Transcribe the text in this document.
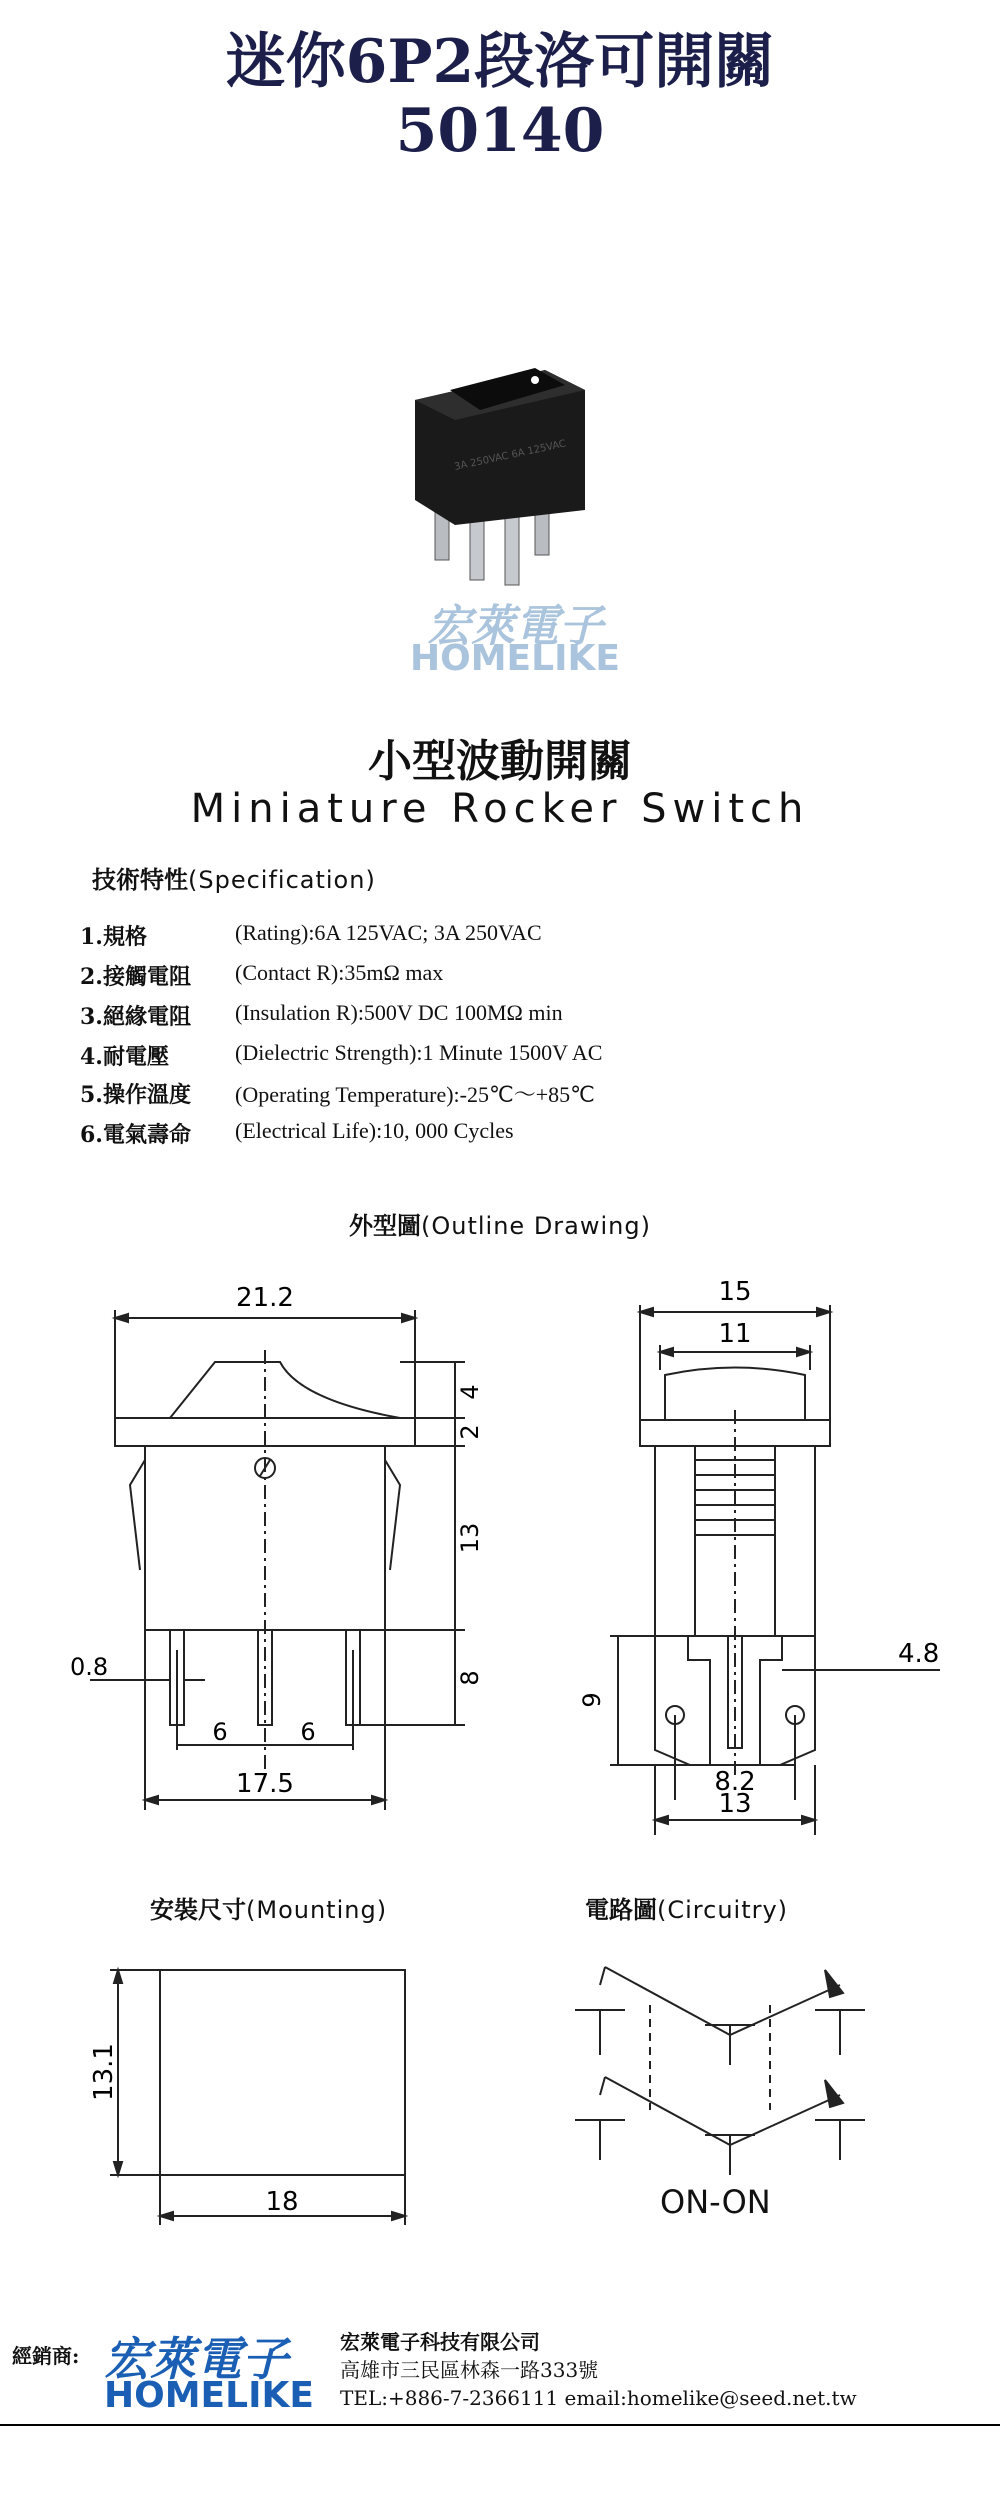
迷你6P2段洛可開關
50140
3A 250VAC 6A 125VAC
宏萊電子
HOMELIKE
小型波動開關
Miniature Rocker Switch
技術特性(Specification)
1.規格	(Rating):6A 125VAC; 3A 250VAC
2.接觸電阻	(Contact R):35mΩ max
3.絕緣電阻	(Insulation R):500V DC 100MΩ min
4.耐電壓	(Dielectric Strength):1 Minute 1500V AC
5.操作溫度	(Operating Temperature):-25℃～+85℃
6.電氣壽命	(Electrical Life):10, 000 Cycles
外型圖(Outline Drawing)
21.2
4
2
13
8
0.8
6	6
17.5
15
11
9
4.8
8.2
13
安裝尺寸(Mounting)
13.1
18
電路圖(Circuitry)
ON-ON
經銷商: 宏萊電子
HOMELIKE
宏萊電子科技有限公司
高雄市三民區林森一路333號
TEL:+886-7-2366111 email:homelike@seed.net.tw
